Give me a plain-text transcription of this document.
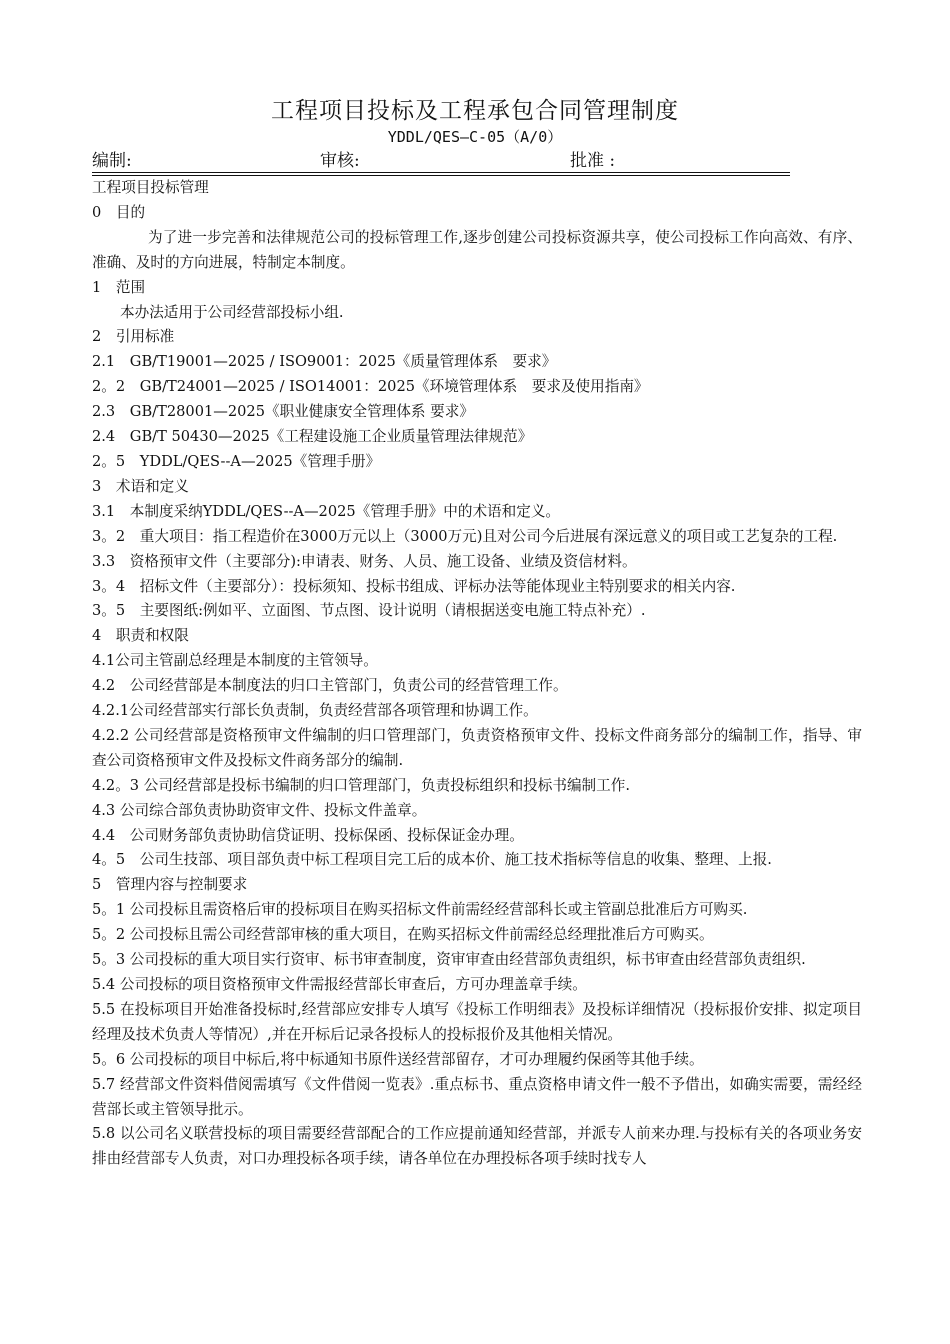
工程项目投标及工程承包合同管理制度
YDDL/QES—C-05（A/0）
编制:	审核:	批准 :

工程项目投标管理

0　目的

为了进一步完善和法律规范公司的投标管理工作,逐步创建公司投标资源共享，使公司投标工作向高效、有序、准确、及时的方向进展，特制定本制度。

1　范围

本办法适用于公司经营部投标小组.

2　引用标准

2.1　GB/T19001—2025 / ISO9001：2025《质量管理体系　要求》

2。2　GB/T24001—2025 / ISO14001：2025《环境管理体系　要求及使用指南》

2.3　GB/T28001—2025《职业健康安全管理体系 要求》

2.4　GB/T 50430—2025《工程建设施工企业质量管理法律规范》

2。5　YDDL/QES--A—2025《管理手册》

3　术语和定义

3.1　本制度采纳YDDL/QES--A—2025《管理手册》中的术语和定义。

3。2　重大项目：指工程造价在3000万元以上（3000万元)且对公司今后进展有深远意义的项目或工艺复杂的工程.

3.3　资格预审文件（主要部分):申请表、财务、人员、施工设备、业绩及资信材料。

3。4　招标文件（主要部分）：投标须知、投标书组成、评标办法等能体现业主特别要求的相关内容.

3。5　主要图纸:例如平、立面图、节点图、设计说明（请根据送变电施工特点补充）.

4　职责和权限

4.1公司主管副总经理是本制度的主管领导。

4.2　公司经营部是本制度法的归口主管部门，负责公司的经营管理工作。

4.2.1公司经营部实行部长负责制，负责经营部各项管理和协调工作。

4.2.2 公司经营部是资格预审文件编制的归口管理部门，负责资格预审文件、投标文件商务部分的编制工作，指导、审查公司资格预审文件及投标文件商务部分的编制.

4.2。3 公司经营部是投标书编制的归口管理部门，负责投标组织和投标书编制工作.

4.3 公司综合部负责协助资审文件、投标文件盖章。

4.4　公司财务部负责协助信贷证明、投标保函、投标保证金办理。

4。5　公司生技部、项目部负责中标工程项目完工后的成本价、施工技术指标等信息的收集、整理、上报.

5　管理内容与控制要求

5。1 公司投标且需资格后审的投标项目在购买招标文件前需经经营部科长或主管副总批准后方可购买.

5。2 公司投标且需公司经营部审核的重大项目，在购买招标文件前需经总经理批准后方可购买。

5。3 公司投标的重大项目实行资审、标书审查制度，资审审查由经营部负责组织，标书审查由经营部负责组织.

5.4 公司投标的项目资格预审文件需报经营部长审查后，方可办理盖章手续。

5.5 在投标项目开始准备投标时,经营部应安排专人填写《投标工作明细表》及投标详细情况（投标报价安排、拟定项目经理及技术负责人等情况）,并在开标后记录各投标人的投标报价及其他相关情况。

5。6 公司投标的项目中标后,将中标通知书原件送经营部留存，才可办理履约保函等其他手续。

5.7 经营部文件资料借阅需填写《文件借阅一览表》.重点标书、重点资格申请文件一般不予借出，如确实需要，需经经营部长或主管领导批示。

5.8 以公司名义联营投标的项目需要经营部配合的工作应提前通知经营部，并派专人前来办理.与投标有关的各项业务安排由经营部专人负责，对口办理投标各项手续，请各单位在办理投标各项手续时找专人
